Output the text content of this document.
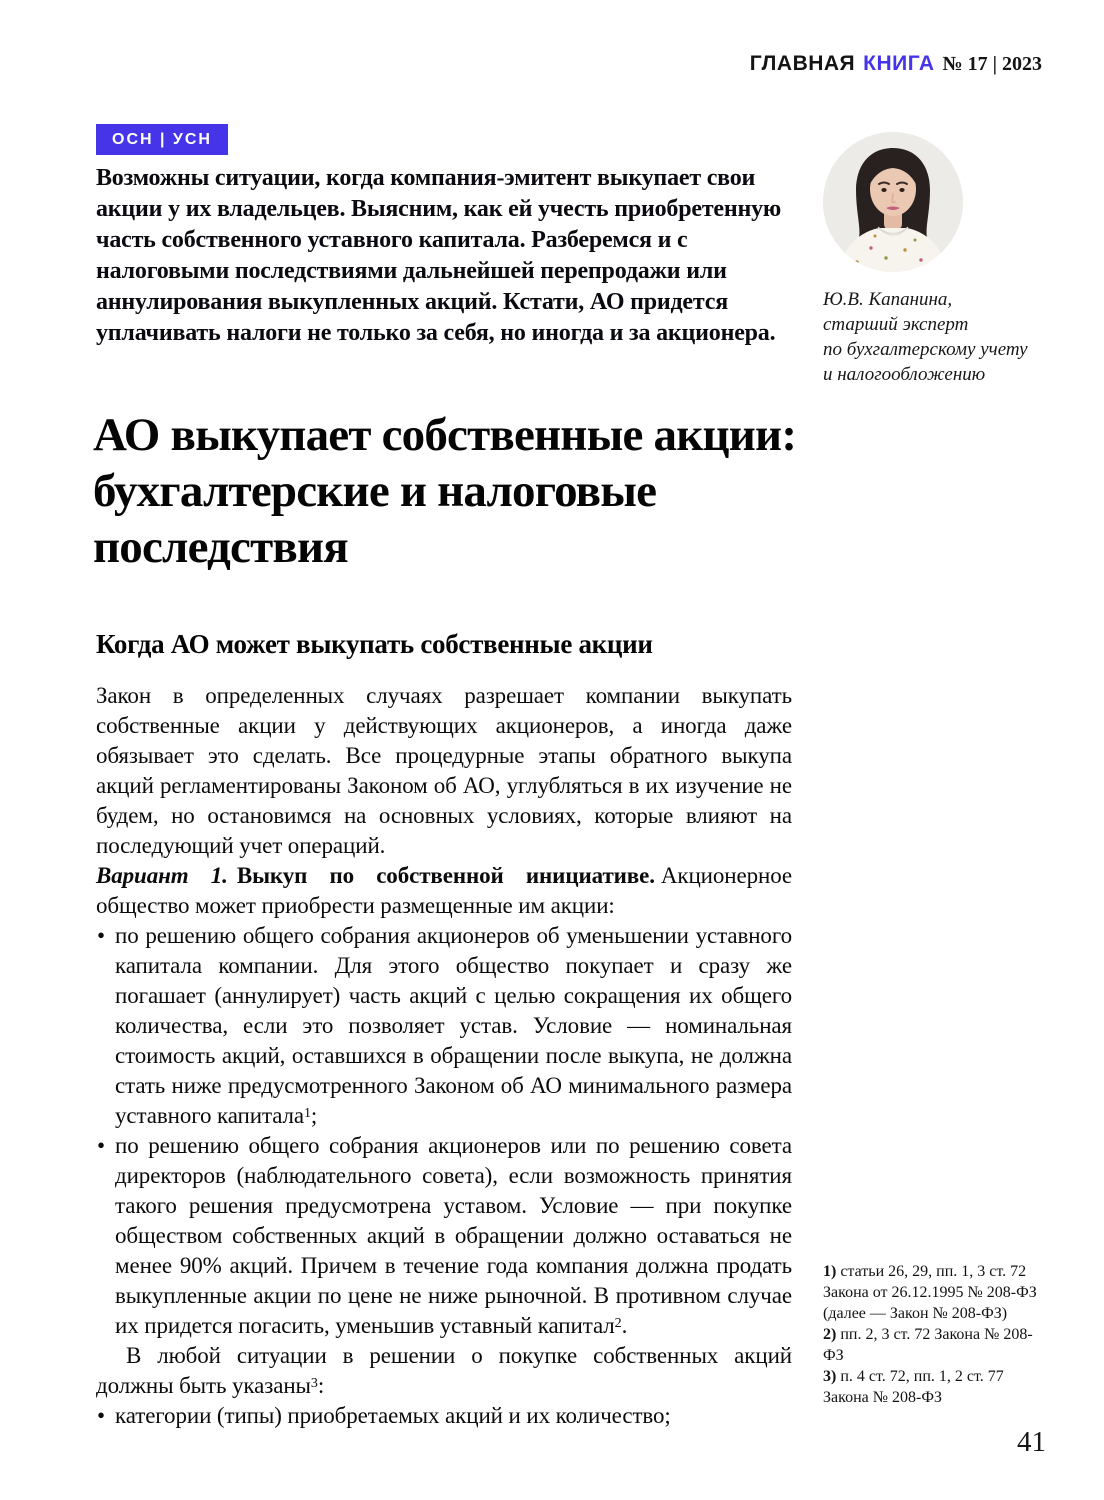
ГЛАВНАЯ КНИГА № 17 | 2023
ОСН | УСН
Возможны ситуации, когда компания-эмитент выкупает свои акции у их владельцев. Выясним, как ей учесть приобретенную часть собственного уставного капитала. Разберемся и с налоговыми последствиями дальнейшей перепродажи или аннулирования выкупленных акций. Кстати, АО придется уплачивать налоги не только за себя, но иногда и за акционера.
Ю.В. Капанина,
старший эксперт
по бухгалтерскому учету
и налогообложению
АО выкупает собственные акции:
бухгалтерские и налоговые
последствия
Когда АО может выкупать собственные акции

Закон в определенных случаях разрешает компании выкупать собственные акции у действующих акционеров, а иногда даже обязывает это сделать. Все процедурные этапы обратного выкупа акций регламентированы Законом об АО, углубляться в их изучение не будем, но остановимся на основных условиях, которые влияют на последующий учет операций.

Вариант 1. Выкуп по собственной инициативе. Акционерное общество может приобрести размещенные им акции:

• по решению общего собрания акционеров об уменьшении уставного капитала компании. Для этого общество покупает и сразу же погашает (аннулирует) часть акций с целью сокращения их общего количества, если это позволяет устав. Условие — номинальная стоимость акций, оставшихся в обращении после выкупа, не должна стать ниже предусмотренного Законом об АО минимального размера уставного капитала$^1$;
• по решению общего собрания акционеров или по решению совета директоров (наблюдательного совета), если возможность принятия такого решения предусмотрена уставом. Условие — при покупке обществом собственных акций в обращении должно оставаться не менее 90% акций. Причем в течение года компания должна продать выкупленные акции по цене не ниже рыночной. В противном случае их придется погасить, уменьшив уставный капитал$^2$.

В любой ситуации в решении о покупке собственных акций должны быть указаны$^3$:

• категории (типы) приобретаемых акций и их количество;
1) статьи 26, 29, пп. 1, 3 ст. 72 Закона от 26.12.1995 № 208-ФЗ (далее — Закон № 208-ФЗ)
2) пп. 2, 3 ст. 72 Закона № 208-ФЗ
3) п. 4 ст. 72, пп. 1, 2 ст. 77 Закона № 208-ФЗ
41
